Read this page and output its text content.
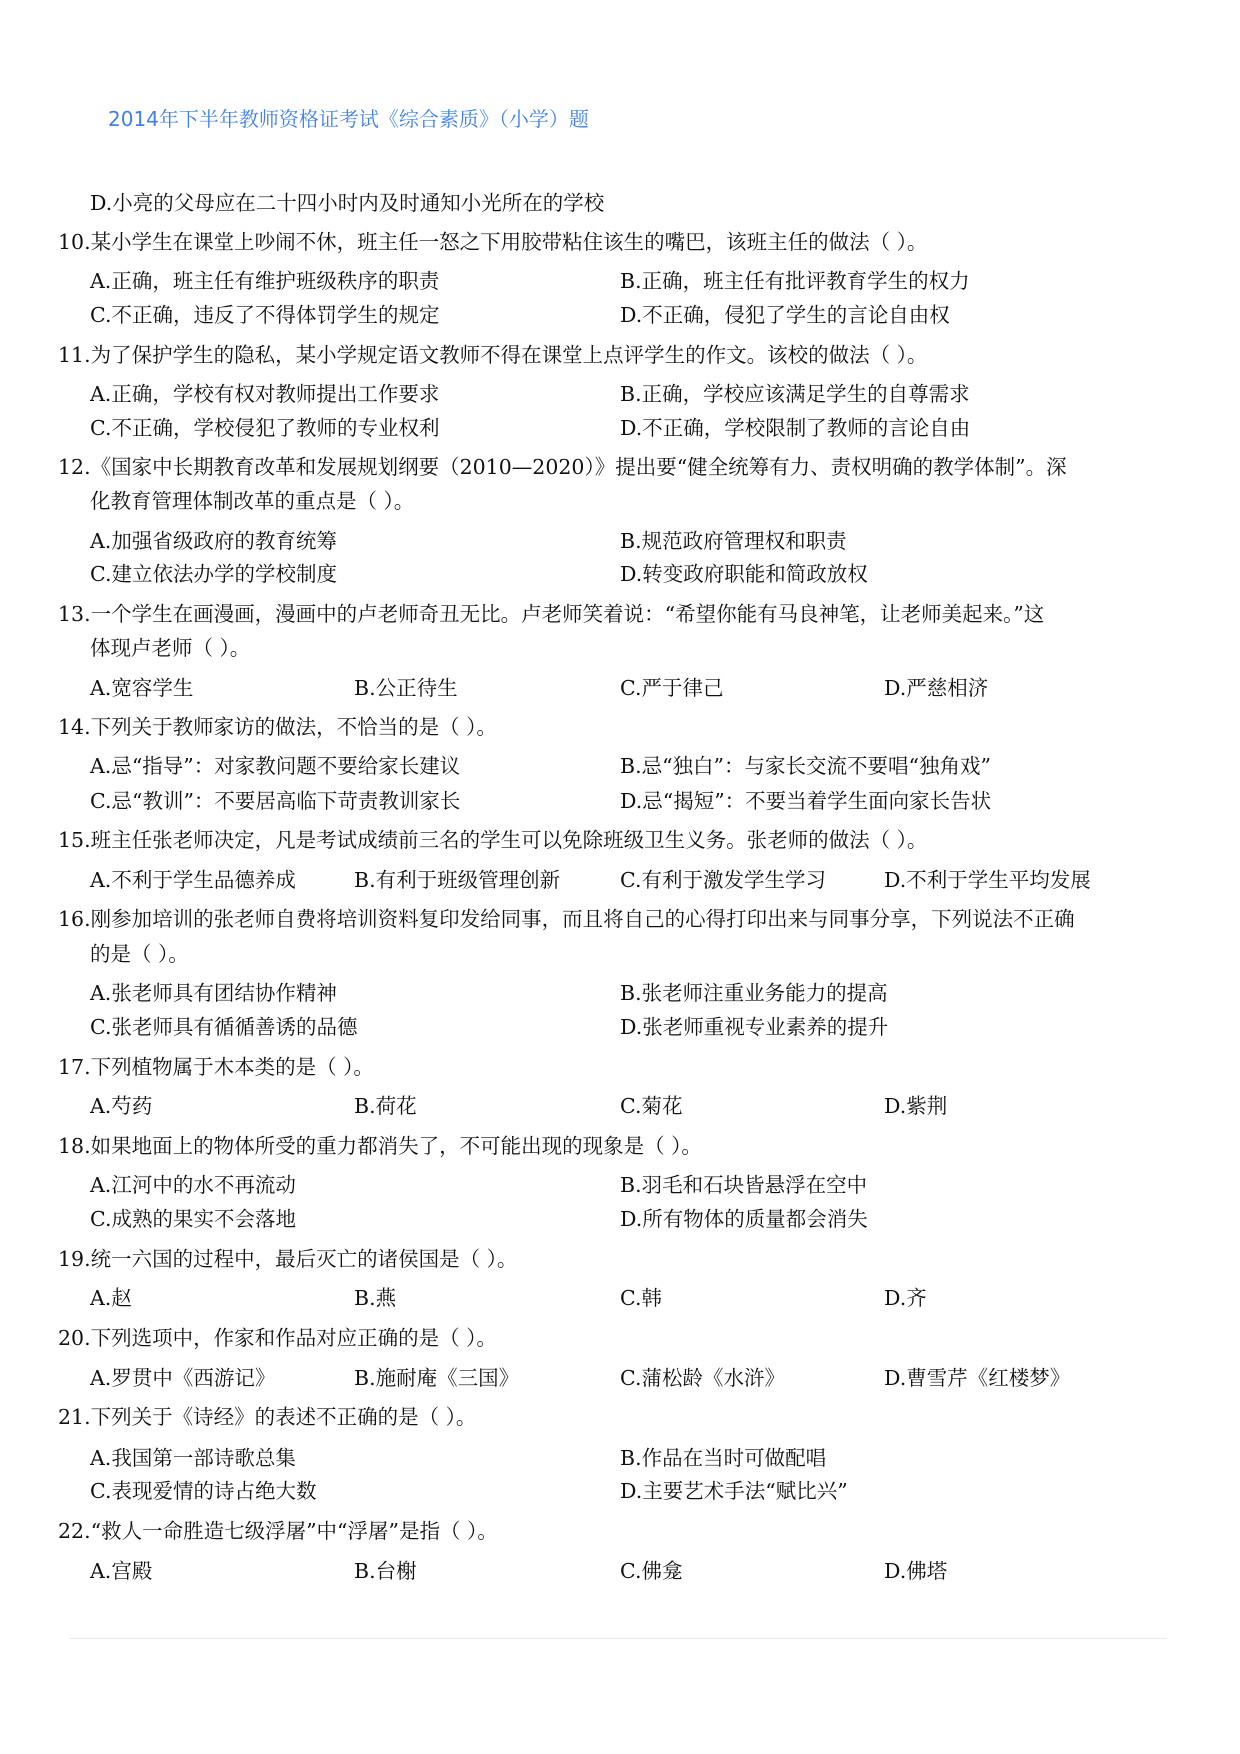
2014年下半年教师资格证考试《综合素质》（小学）题
D.小亮的父母应在二十四小时内及时通知小光所在的学校
10.某小学生在课堂上吵闹不休，班主任一怒之下用胶带粘住该生的嘴巴，该班主任的做法（ ）。
A.正确，班主任有维护班级秩序的职责	B.正确，班主任有批评教育学生的权力
C.不正确，违反了不得体罚学生的规定	D.不正确，侵犯了学生的言论自由权
11.为了保护学生的隐私，某小学规定语文教师不得在课堂上点评学生的作文。该校的做法（ ）。
A.正确，学校有权对教师提出工作要求	B.正确，学校应该满足学生的自尊需求
C.不正确，学校侵犯了教师的专业权利	D.不正确，学校限制了教师的言论自由
12.《国家中长期教育改革和发展规划纲要（2010—2020）》提出要“健全统筹有力、责权明确的教学体制”。深
化教育管理体制改革的重点是（ ）。
A.加强省级政府的教育统筹	B.规范政府管理权和职责
C.建立依法办学的学校制度	D.转变政府职能和简政放权
13.一个学生在画漫画，漫画中的卢老师奇丑无比。卢老师笑着说：“希望你能有马良神笔，让老师美起来。”这
体现卢老师（ ）。
A.宽容学生	B.公正待生	C.严于律己	D.严慈相济
14.下列关于教师家访的做法，不恰当的是（ ）。
A.忌“指导”：对家教问题不要给家长建议	B.忌“独白”：与家长交流不要唱“独角戏”
C.忌“教训”：不要居高临下苛责教训家长	D.忌“揭短”：不要当着学生面向家长告状
15.班主任张老师决定，凡是考试成绩前三名的学生可以免除班级卫生义务。张老师的做法（ ）。
A.不利于学生品德养成	B.有利于班级管理创新	C.有利于激发学生学习	D.不利于学生平均发展
16.刚参加培训的张老师自费将培训资料复印发给同事，而且将自己的心得打印出来与同事分享，下列说法不正确
的是（ ）。
A.张老师具有团结协作精神	B.张老师注重业务能力的提高
C.张老师具有循循善诱的品德	D.张老师重视专业素养的提升
17.下列植物属于木本类的是（ ）。
A.芍药	B.荷花	C.菊花	D.紫荆
18.如果地面上的物体所受的重力都消失了，不可能出现的现象是（ ）。
A.江河中的水不再流动	B.羽毛和石块皆悬浮在空中
C.成熟的果实不会落地	D.所有物体的质量都会消失
19.统一六国的过程中，最后灭亡的诸侯国是（ ）。
A.赵	B.燕	C.韩	D.齐
20.下列选项中，作家和作品对应正确的是（ ）。
A.罗贯中《西游记》	B.施耐庵《三国》	C.蒲松龄《水浒》	D.曹雪芹《红楼梦》
21.下列关于《诗经》的表述不正确的是（ ）。
A.我国第一部诗歌总集	B.作品在当时可做配唱
C.表现爱情的诗占绝大数	D.主要艺术手法“赋比兴”
22.“救人一命胜造七级浮屠”中“浮屠”是指（ ）。
A.宫殿	B.台榭	C.佛龛	D.佛塔
